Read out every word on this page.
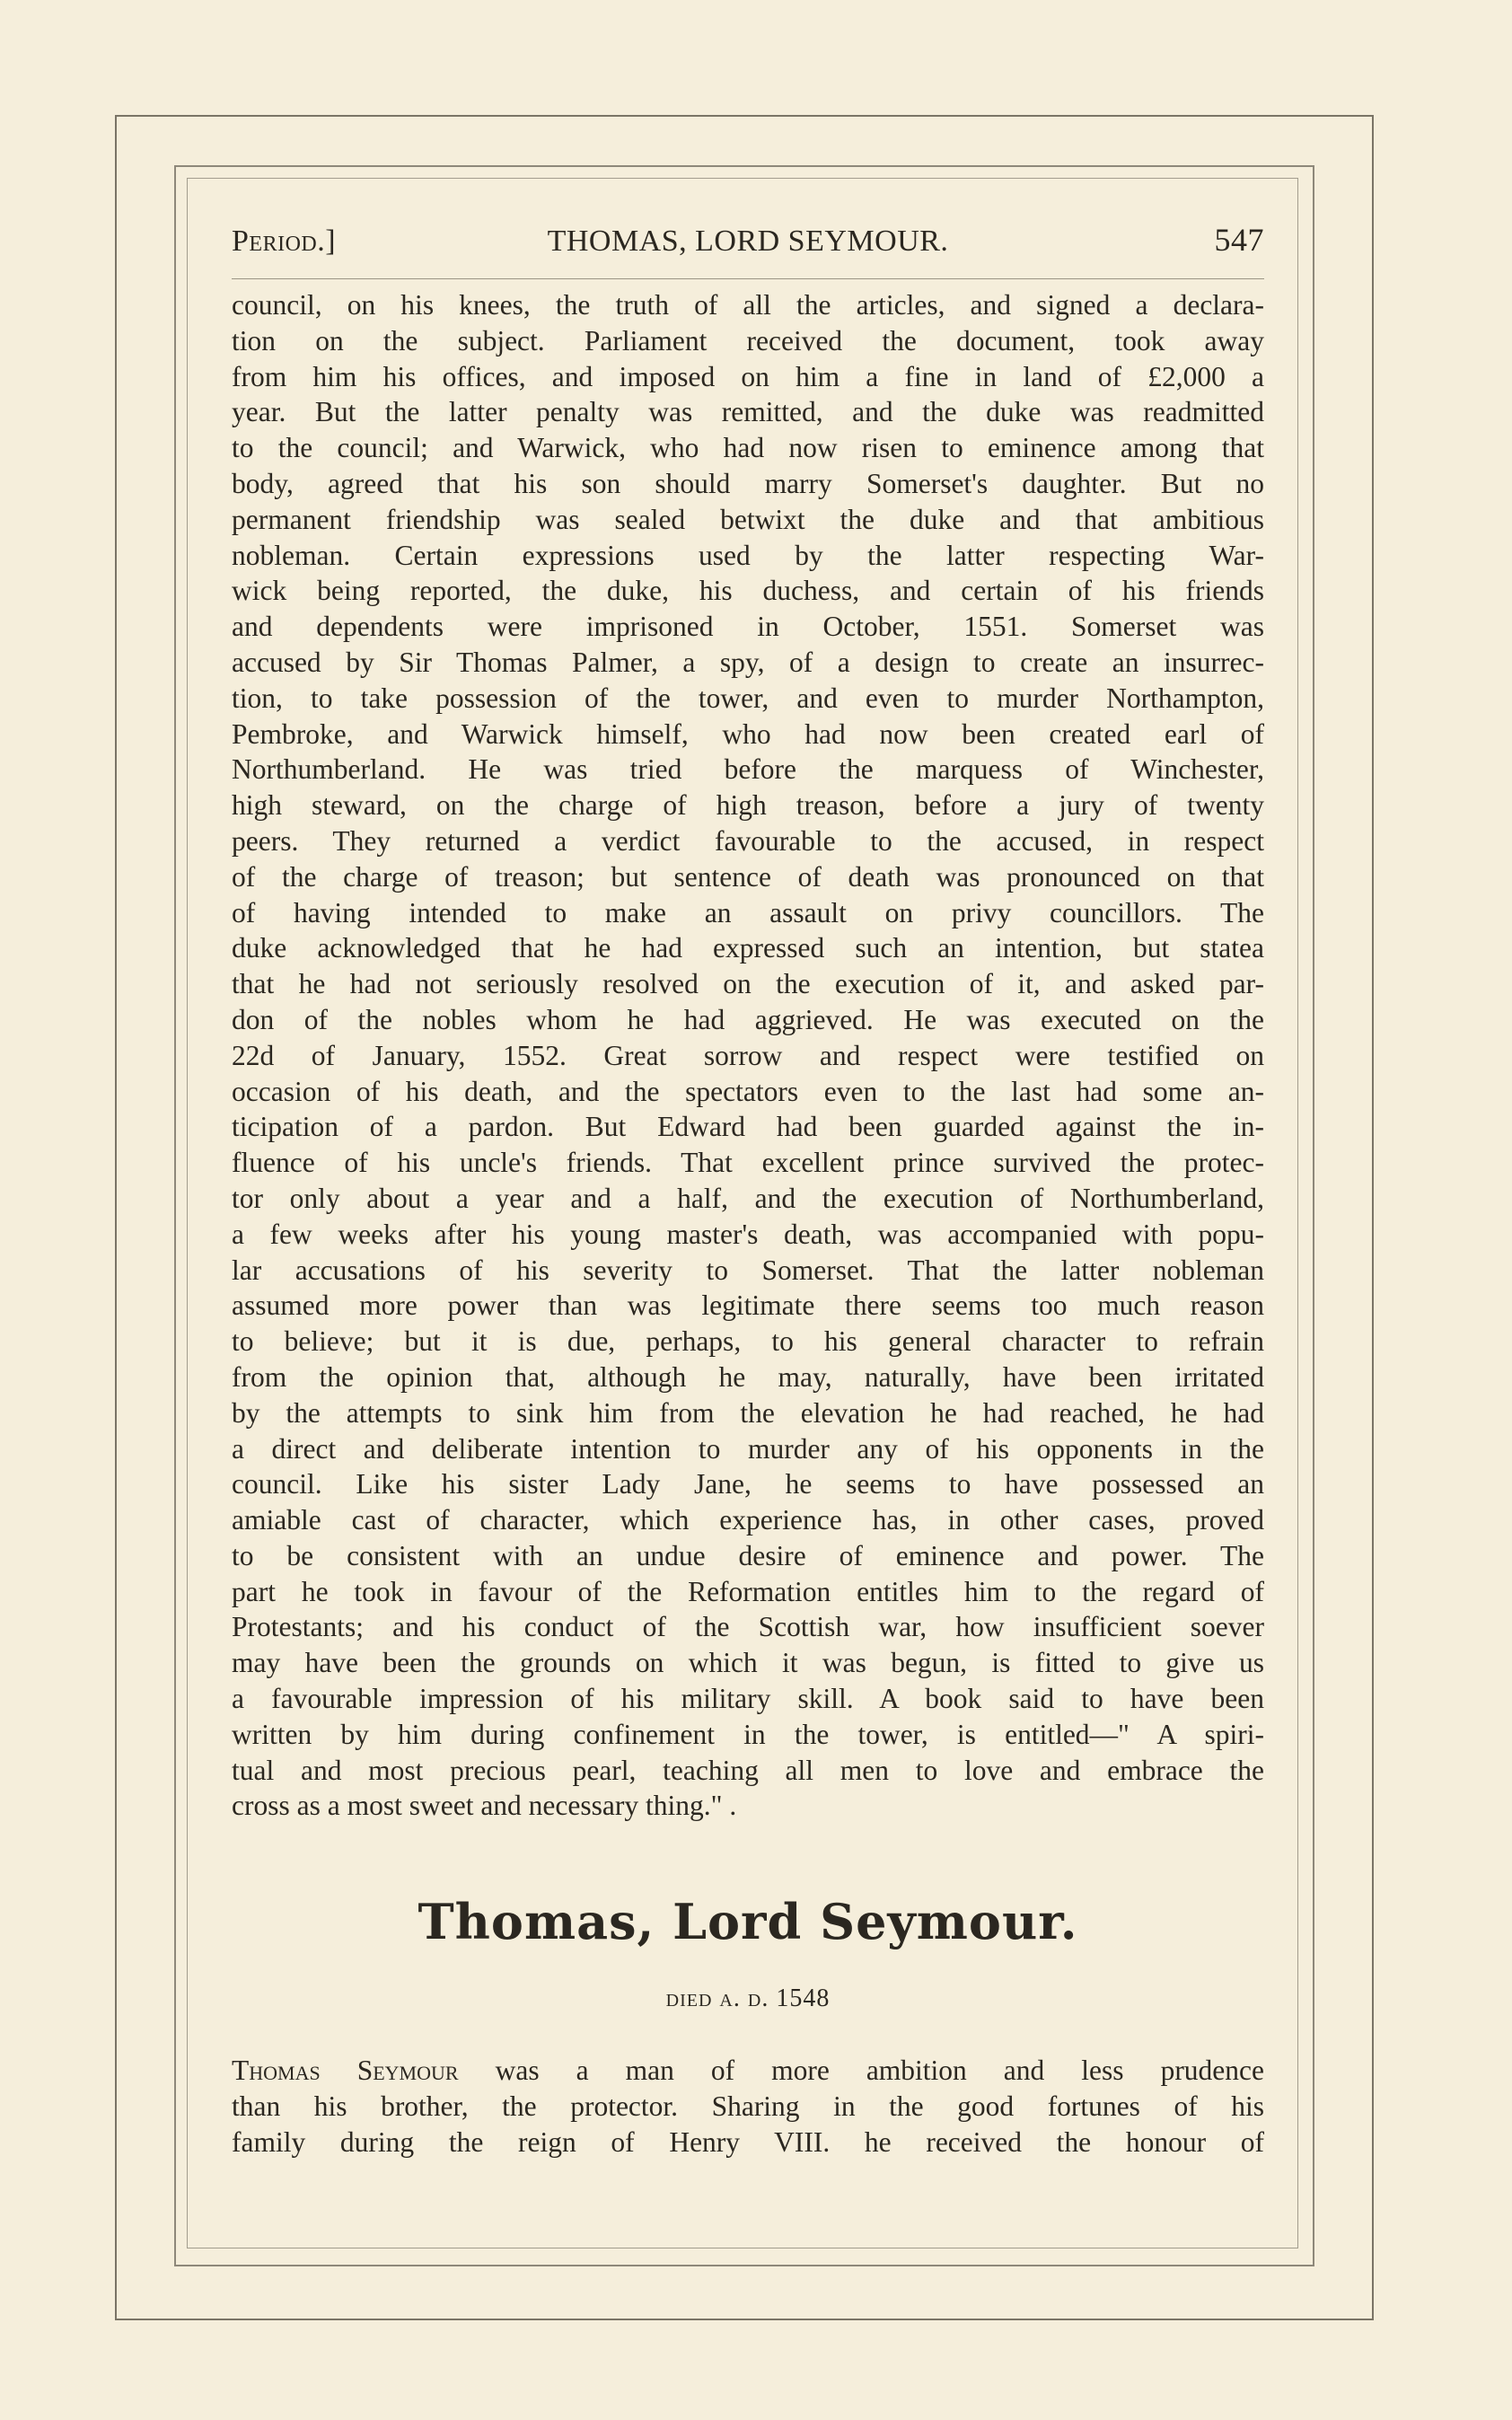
Period.]	THOMAS, LORD SEYMOUR.	547
council, on his knees, the truth of all the articles, and signed a declara-
tion on the subject. Parliament received the document, took away
from him his offices, and imposed on him a fine in land of £2,000 a
year. But the latter penalty was remitted, and the duke was readmitted
to the council; and Warwick, who had now risen to eminence among that
body, agreed that his son should marry Somerset's daughter. But no
permanent friendship was sealed betwixt the duke and that ambitious
nobleman. Certain expressions used by the latter respecting War-
wick being reported, the duke, his duchess, and certain of his friends
and dependents were imprisoned in October, 1551. Somerset was
accused by Sir Thomas Palmer, a spy, of a design to create an insurrec-
tion, to take possession of the tower, and even to murder Northampton,
Pembroke, and Warwick himself, who had now been created earl of
Northumberland. He was tried before the marquess of Winchester,
high steward, on the charge of high treason, before a jury of twenty
peers. They returned a verdict favourable to the accused, in respect
of the charge of treason; but sentence of death was pronounced on that
of having intended to make an assault on privy councillors. The
duke acknowledged that he had expressed such an intention, but statea
that he had not seriously resolved on the execution of it, and asked par-
don of the nobles whom he had aggrieved. He was executed on the
22d of January, 1552. Great sorrow and respect were testified on
occasion of his death, and the spectators even to the last had some an-
ticipation of a pardon. But Edward had been guarded against the in-
fluence of his uncle's friends. That excellent prince survived the protec-
tor only about a year and a half, and the execution of Northumberland,
a few weeks after his young master's death, was accompanied with popu-
lar accusations of his severity to Somerset. That the latter nobleman
assumed more power than was legitimate there seems too much reason
to believe; but it is due, perhaps, to his general character to refrain
from the opinion that, although he may, naturally, have been irritated
by the attempts to sink him from the elevation he had reached, he had
a direct and deliberate intention to murder any of his opponents in the
council. Like his sister Lady Jane, he seems to have possessed an
amiable cast of character, which experience has, in other cases, proved
to be consistent with an undue desire of eminence and power. The
part he took in favour of the Reformation entitles him to the regard of
Protestants; and his conduct of the Scottish war, how insufficient soever
may have been the grounds on which it was begun, is fitted to give us
a favourable impression of his military skill. A book said to have been
written by him during confinement in the tower, is entitled—" A spiri-
tual and most precious pearl, teaching all men to love and embrace the
cross as a most sweet and necessary thing." .
Thomas, Lord Seymour.
died a. d. 1548
Thomas Seymour was a man of more ambition and less prudence
than his brother, the protector. Sharing in the good fortunes of his
family during the reign of Henry VIII. he received the honour of
